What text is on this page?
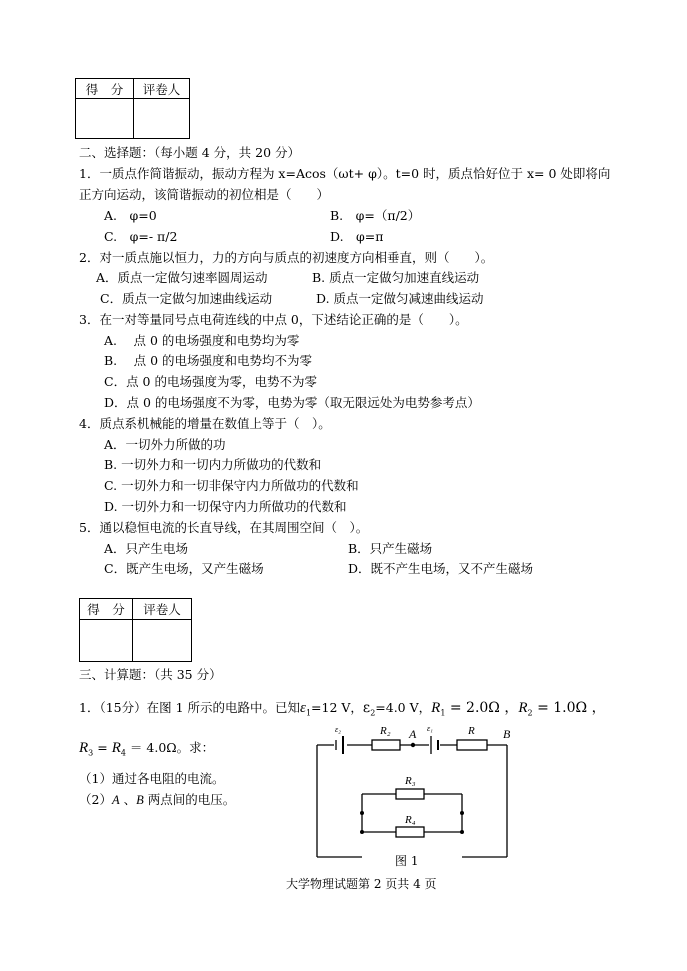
得　分	评卷人

二、选择题：（每小题 4 分，共 20 分）
1．一质点作简谐振动，振动方程为 x=Acos（ωt+ φ）。t=0 时，质点恰好位于 x= 0 处即将向
正方向运动，该简谐振动的初位相是（　　）
A.　φ=0	B.　φ=（π/2）
C.　φ=- π/2	D.　φ=π
2．对一质点施以恒力，力的方向与质点的初速度方向相垂直，则（　　）。
A．质点一定做匀速率圆周运动	B. 质点一定做匀加速直线运动
C．质点一定做匀加速曲线运动	D. 质点一定做匀减速曲线运动
3．在一对等量同号点电荷连线的中点 0，下述结论正确的是（　　）。
A.　 点 0 的电场强度和电势均为零
B.　 点 0 的电场强度和电势均不为零
C．点 0 的电场强度为零，电势不为零
D．点 0 的电场强度不为零，电势为零（取无限远处为电势参考点）
4．质点系机械能的增量在数值上等于（　）。
A．一切外力所做的功
B. 一切外力和一切内力所做功的代数和
C. 一切外力和一切非保守内力所做功的代数和
D. 一切外力和一切保守内力所做功的代数和
5．通以稳恒电流的长直导线，在其周围空间（　）。
A．只产生电场	B．只产生磁场
C．既产生电场，又产生磁场	D．既不产生电场，又不产生磁场
得　分	评卷人

三、计算题：（共 35 分）
1．（15分）在图 1 所示的电路中。已知$\varepsilon_1=12$ V，$\varepsilon_2=4.0$ V，$R_1 = 2.0\Omega$ ，$R_2 = 1.0\Omega$ ，
$R_3 = R_4 = 4.0\Omega$。求：
（1）通过各电阻的电流。
（2）A 、B 两点间的电压。
ε₂	R₂ A ε₁	R B
R₃
R₄
图 1
大学物理试题第 2 页共 4 页
